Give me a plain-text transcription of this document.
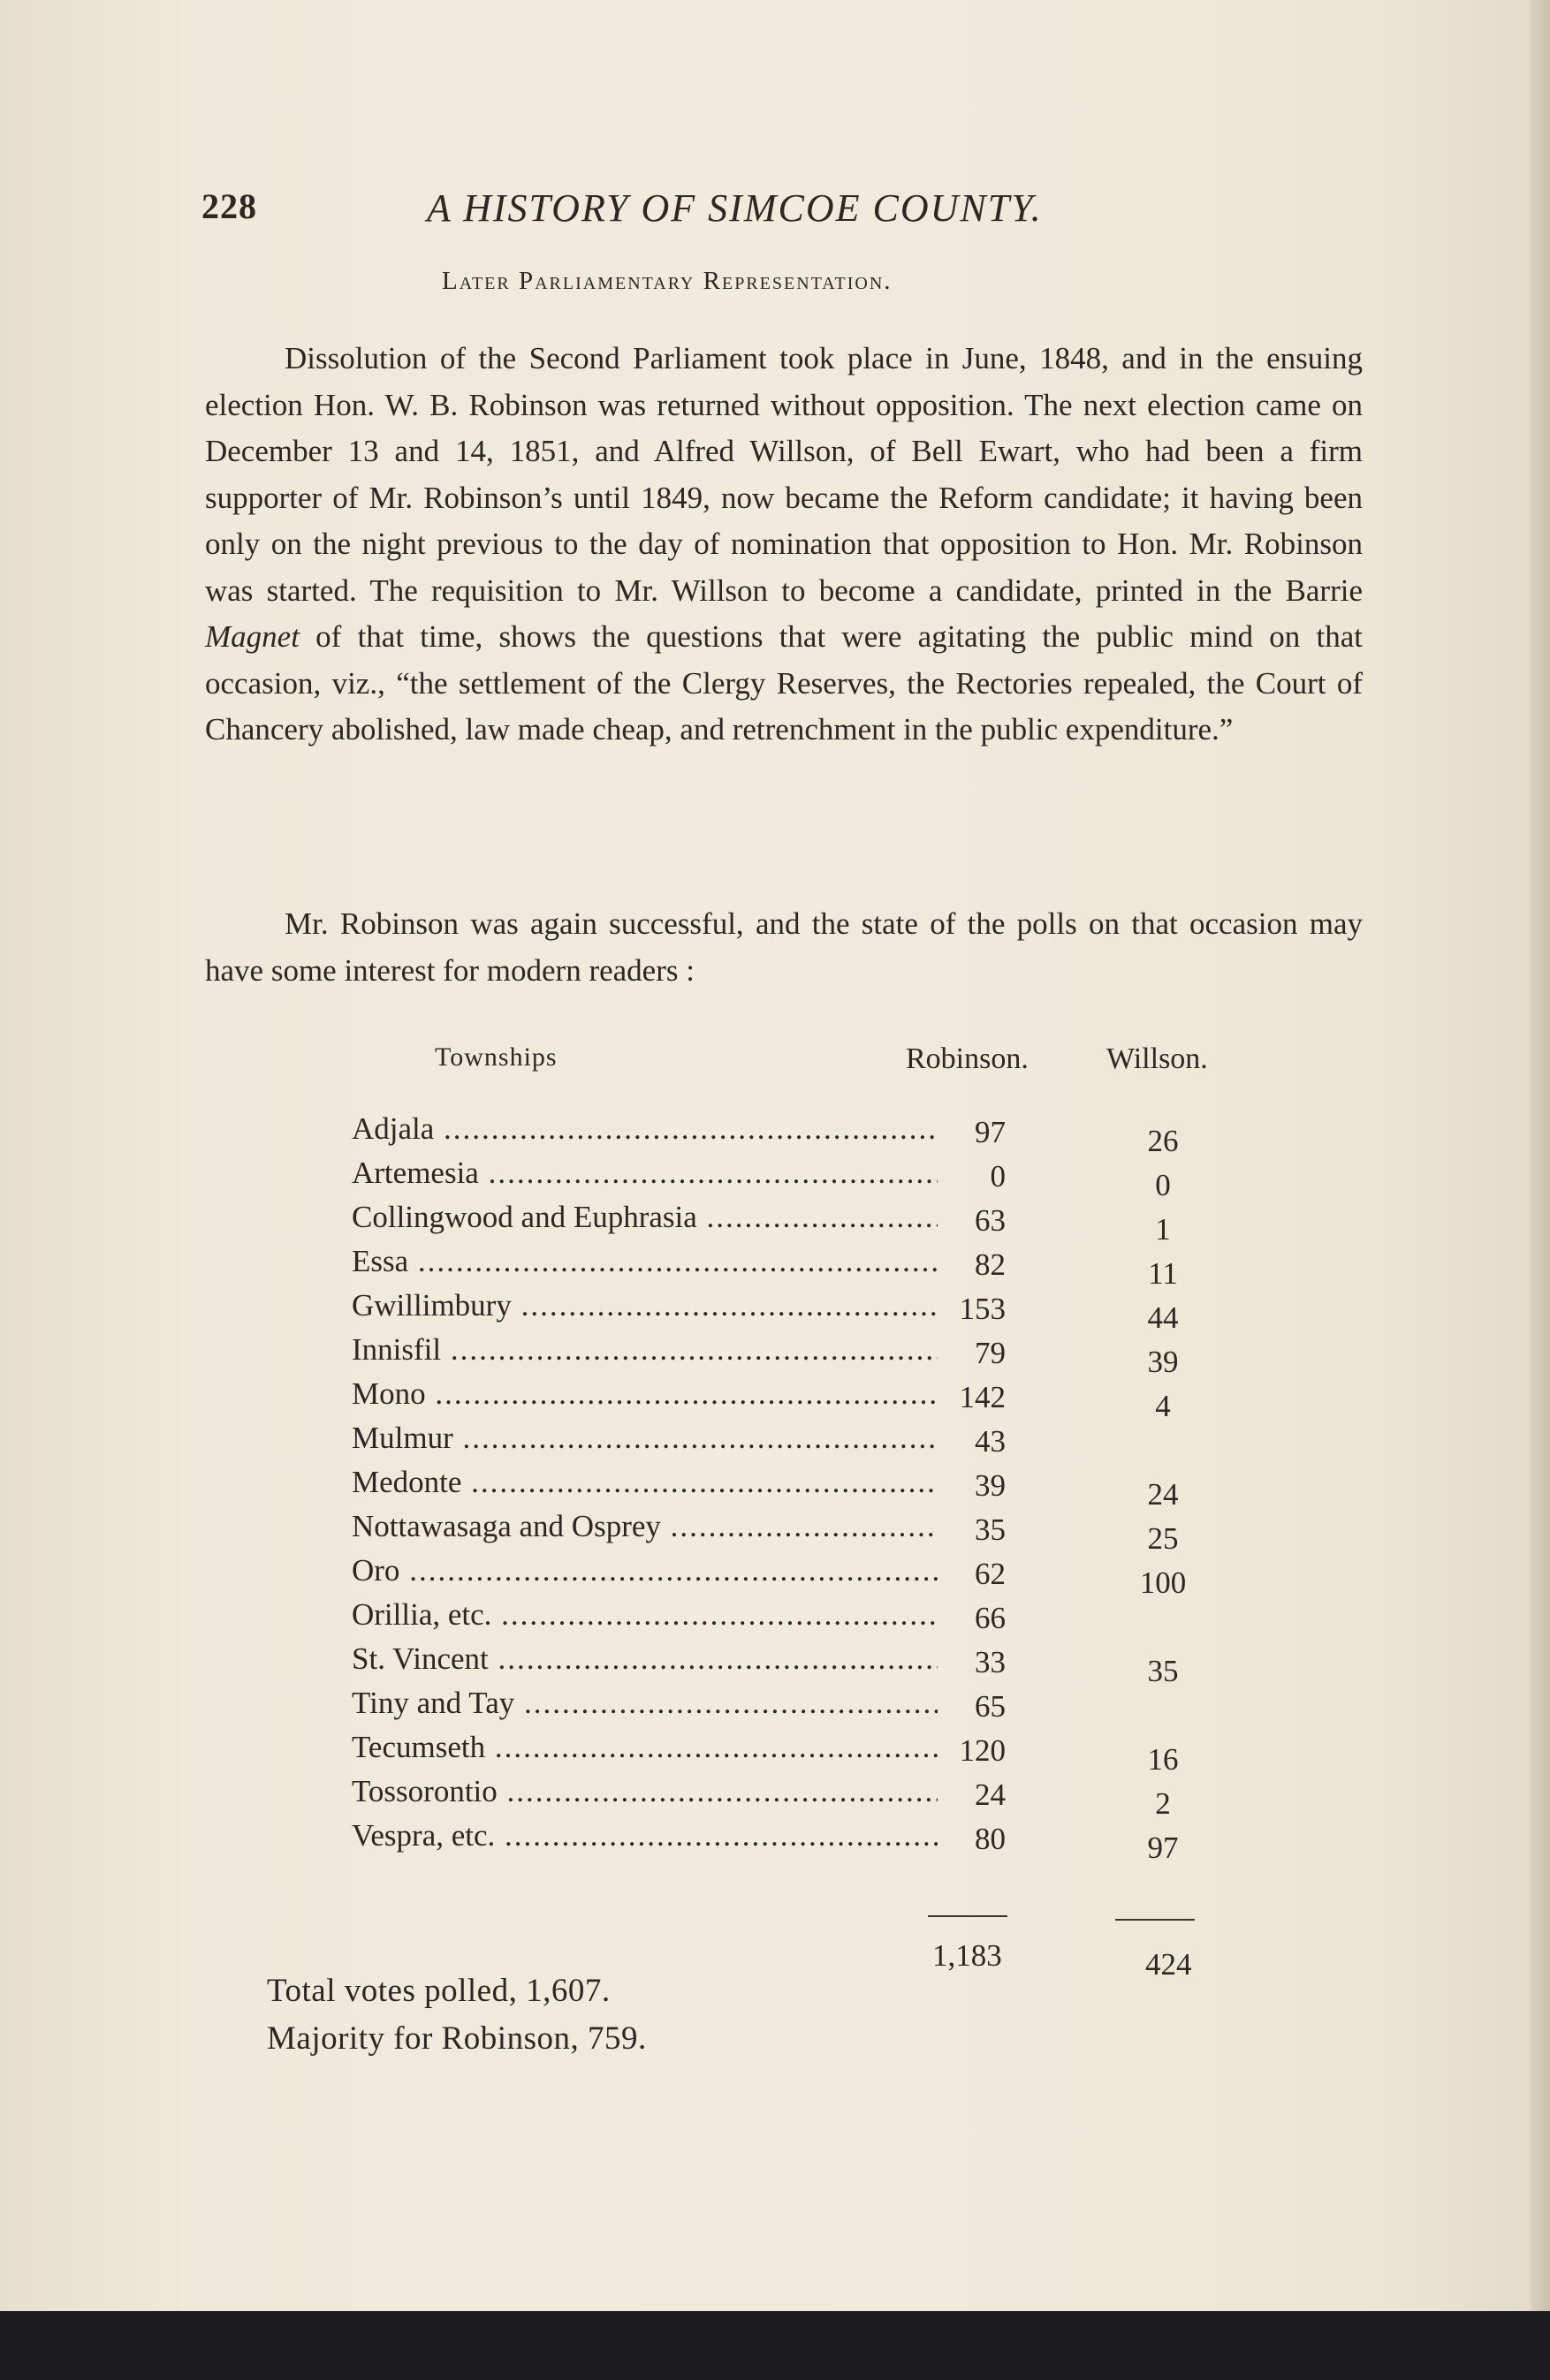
228	A HISTORY OF SIMCOE COUNTY.
Later Parliamentary Representation.

Dissolution of the Second Parliament took place in June, 1848, and in the ensuing election Hon. W. B. Robinson was returned without opposition. The next election came on December 13 and 14, 1851, and Alfred Willson, of Bell Ewart, who had been a firm supporter of Mr. Robinson’s until 1849, now became the Reform candidate; it having been only on the night previous to the day of nomination that opposition to Hon. Mr. Robinson was started. The requisition to Mr. Willson to become a candidate, printed in the Barrie Magnet of that time, shows the questions that were agitating the public mind on that occasion, viz., “the settlement of the Clergy Reserves, the Rectories repealed, the Court of Chancery abolished, law made cheap, and retrenchment in the public expenditure.”

Mr. Robinson was again successful, and the state of the polls on that occasion may have some interest for modern readers :

Townships	Robinson.	Willson.
Adjala .....	97	26
Artemesia .....	0	0
Collingwood and Euphrasia .....	63	1
Essa .....	82	11
Gwillimbury .....	153	44
Innisfil .....	79	39
Mono .....	142	4
Mulmur .....	43
Medonte .....	39	24
Nottawasaga and Osprey .....	35	25
Oro .....	62	100
Orillia, etc. .....	66
St. Vincent .....	33	35
Tiny and Tay .....	65
Tecumseth .....	120	16
Tossorontio .....	24	2
Vespra, etc. .....	80	97
1,183	424
Total votes polled, 1,607.
Majority for Robinson, 759.
